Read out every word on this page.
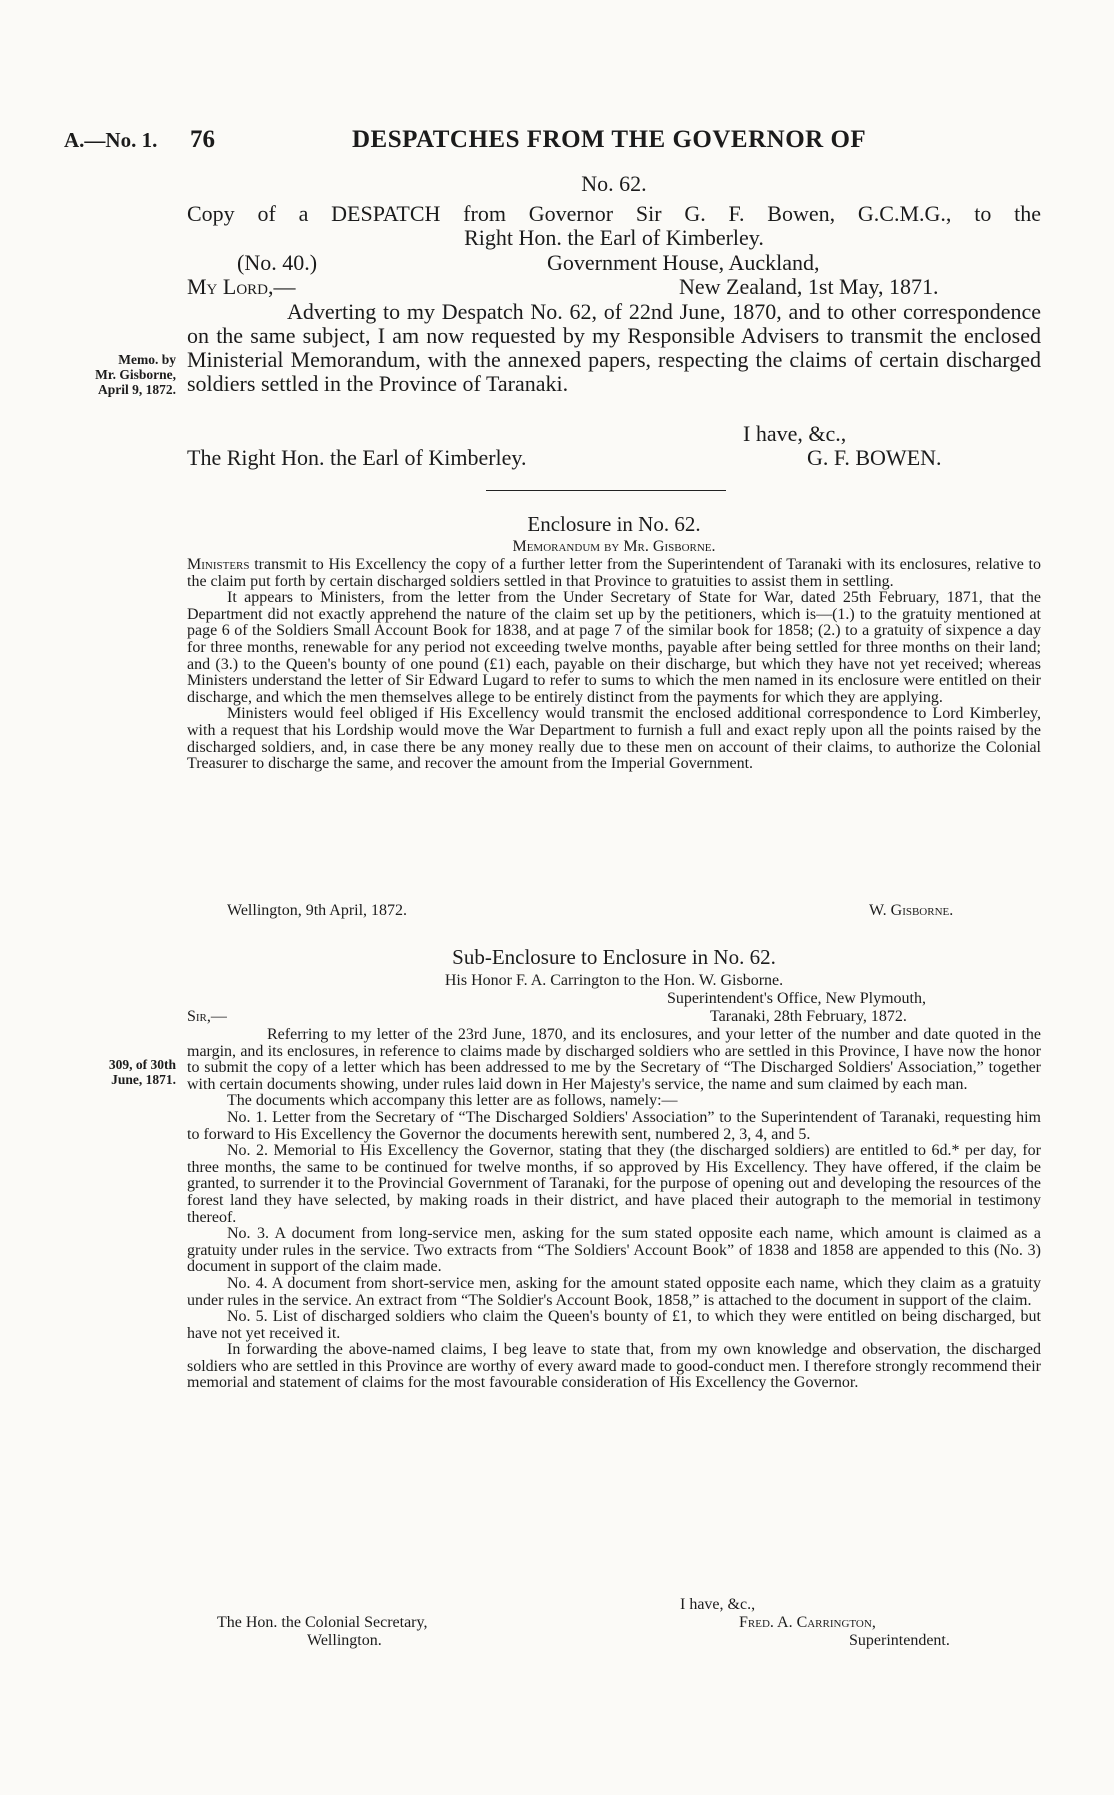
A.—No. 1. 76	DESPATCHES FROM THE GOVERNOR OF
No. 62.
Copy of a DESPATCH from Governor Sir G. F. Bowen, G.C.M.G., to the
Right Hon. the Earl of Kimberley.
(No. 40.)	Government House, Auckland,
My Lord,—	New Zealand, 1st May, 1871.
Memo. by
Mr. Gisborne,
April 9, 1872.

Adverting to my Despatch No. 62, of 22nd June, 1870, and to other correspondence on the same subject, I am now requested by my Responsible Advisers to transmit the enclosed Ministerial Memorandum, with the annexed papers, respecting the claims of certain discharged soldiers settled in the Province of Taranaki.

I have, &c.,
The Right Hon. the Earl of Kimberley.	G. F. BOWEN.
Enclosure in No. 62.
Memorandum by Mr. Gisborne.

Ministers transmit to His Excellency the copy of a further letter from the Superintendent of Taranaki with its enclosures, relative to the claim put forth by certain discharged soldiers settled in that Province to gratuities to assist them in settling.

It appears to Ministers, from the letter from the Under Secretary of State for War, dated 25th February, 1871, that the Department did not exactly apprehend the nature of the claim set up by the petitioners, which is—(1.) to the gratuity mentioned at page 6 of the Soldiers Small Account Book for 1838, and at page 7 of the similar book for 1858; (2.) to a gratuity of sixpence a day for three months, renewable for any period not exceeding twelve months, payable after being settled for three months on their land; and (3.) to the Queen's bounty of one pound (£1) each, payable on their discharge, but which they have not yet received; whereas Ministers understand the letter of Sir Edward Lugard to refer to sums to which the men named in its enclosure were entitled on their discharge, and which the men themselves allege to be entirely distinct from the payments for which they are applying.

Ministers would feel obliged if His Excellency would transmit the enclosed additional correspondence to Lord Kimberley, with a request that his Lordship would move the War Department to furnish a full and exact reply upon all the points raised by the discharged soldiers, and, in case there be any money really due to these men on account of their claims, to authorize the Colonial Treasurer to discharge the same, and recover the amount from the Imperial Government.

Wellington, 9th April, 1872.	W. Gisborne.
Sub-Enclosure to Enclosure in No. 62.
His Honor F. A. Carrington to the Hon. W. Gisborne.
Superintendent's Office, New Plymouth,
Sir,—	Taranaki, 28th February, 1872.
309, of 30th
June, 1871.

Referring to my letter of the 23rd June, 1870, and its enclosures, and your letter of the number and date quoted in the margin, and its enclosures, in reference to claims made by discharged soldiers who are settled in this Province, I have now the honor to submit the copy of a letter which has been addressed to me by the Secretary of “The Discharged Soldiers' Association,” together with certain documents showing, under rules laid down in Her Majesty's service, the name and sum claimed by each man.

The documents which accompany this letter are as follows, namely:—

No. 1. Letter from the Secretary of “The Discharged Soldiers' Association” to the Superintendent of Taranaki, requesting him to forward to His Excellency the Governor the documents herewith sent, numbered 2, 3, 4, and 5.

No. 2. Memorial to His Excellency the Governor, stating that they (the discharged soldiers) are entitled to 6d.* per day, for three months, the same to be continued for twelve months, if so approved by His Excellency. They have offered, if the claim be granted, to surrender it to the Provincial Government of Taranaki, for the purpose of opening out and developing the resources of the forest land they have selected, by making roads in their district, and have placed their autograph to the memorial in testimony thereof.

No. 3. A document from long-service men, asking for the sum stated opposite each name, which amount is claimed as a gratuity under rules in the service. Two extracts from “The Soldiers' Account Book” of 1838 and 1858 are appended to this (No. 3) document in support of the claim made.

No. 4. A document from short-service men, asking for the amount stated opposite each name, which they claim as a gratuity under rules in the service. An extract from “The Soldier's Account Book, 1858,” is attached to the document in support of the claim.

No. 5. List of discharged soldiers who claim the Queen's bounty of £1, to which they were entitled on being discharged, but have not yet received it.

In forwarding the above-named claims, I beg leave to state that, from my own knowledge and observation, the discharged soldiers who are settled in this Province are worthy of every award made to good-conduct men. I therefore strongly recommend their memorial and statement of claims for the most favourable consideration of His Excellency the Governor.

I have, &c.,
The Hon. the Colonial Secretary,	Fred. A. Carrington,
Wellington.	Superintendent.
